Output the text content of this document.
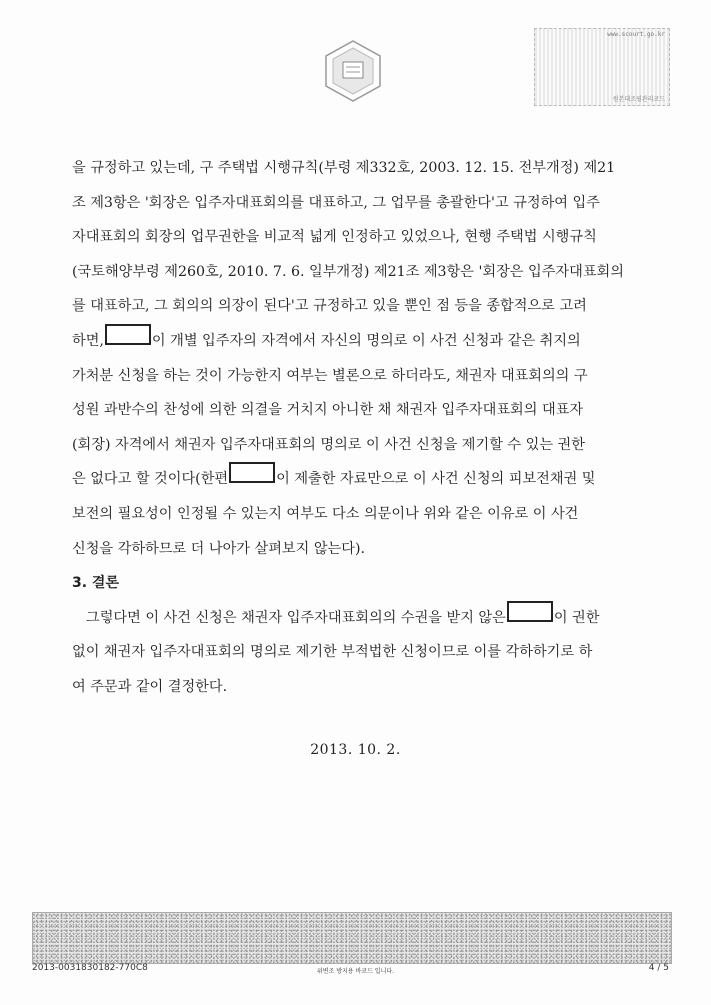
www.scourt.go.kr
원본대조필관리코드
을 규정하고 있는데, 구 주택법 시행규칙(부령 제332호, 2003. 12. 15. 전부개정) 제21
조 제3항은 '회장은 입주자대표회의를 대표하고, 그 업무를 총괄한다'고 규정하여 입주
자대표회의 회장의 업무권한을 비교적 넓게 인정하고 있었으나, 현행 주택법 시행규칙
(국토해양부령 제260호, 2010. 7. 6. 일부개정) 제21조 제3항은 '회장은 입주자대표회의
를 대표하고, 그 회의의 의장이 된다'고 규정하고 있을 뿐인 점 등을 종합적으로 고려
하면,	이 개별 입주자의 자격에서 자신의 명의로 이 사건 신청과 같은 취지의
가처분 신청을 하는 것이 가능한지 여부는 별론으로 하더라도, 채권자 대표회의의 구
성원 과반수의 찬성에 의한 의결을 거치지 아니한 채 채권자 입주자대표회의 대표자
(회장) 자격에서 채권자 입주자대표회의 명의로 이 사건 신청을 제기할 수 있는 권한
은 없다고 할 것이다(한편	이 제출한 자료만으로 이 사건 신청의 피보전채권 및
보전의 필요성이 인정될 수 있는지 여부도 다소 의문이나 위와 같은 이유로 이 사건
신청을 각하하므로 더 나아가 살펴보지 않는다).
3. 결론
그렇다면 이 사건 신청은 채권자 입주자대표회의의 수권을 받지 않은	이 권한
없이 채권자 입주자대표회의 명의로 제기한 부적법한 신청이므로 이를 각하하기로 하
여 주문과 같이 결정한다.
2013. 10. 2.
2013-0031830182-770C8	위변조 방지용 바코드 입니다.	4 / 5
